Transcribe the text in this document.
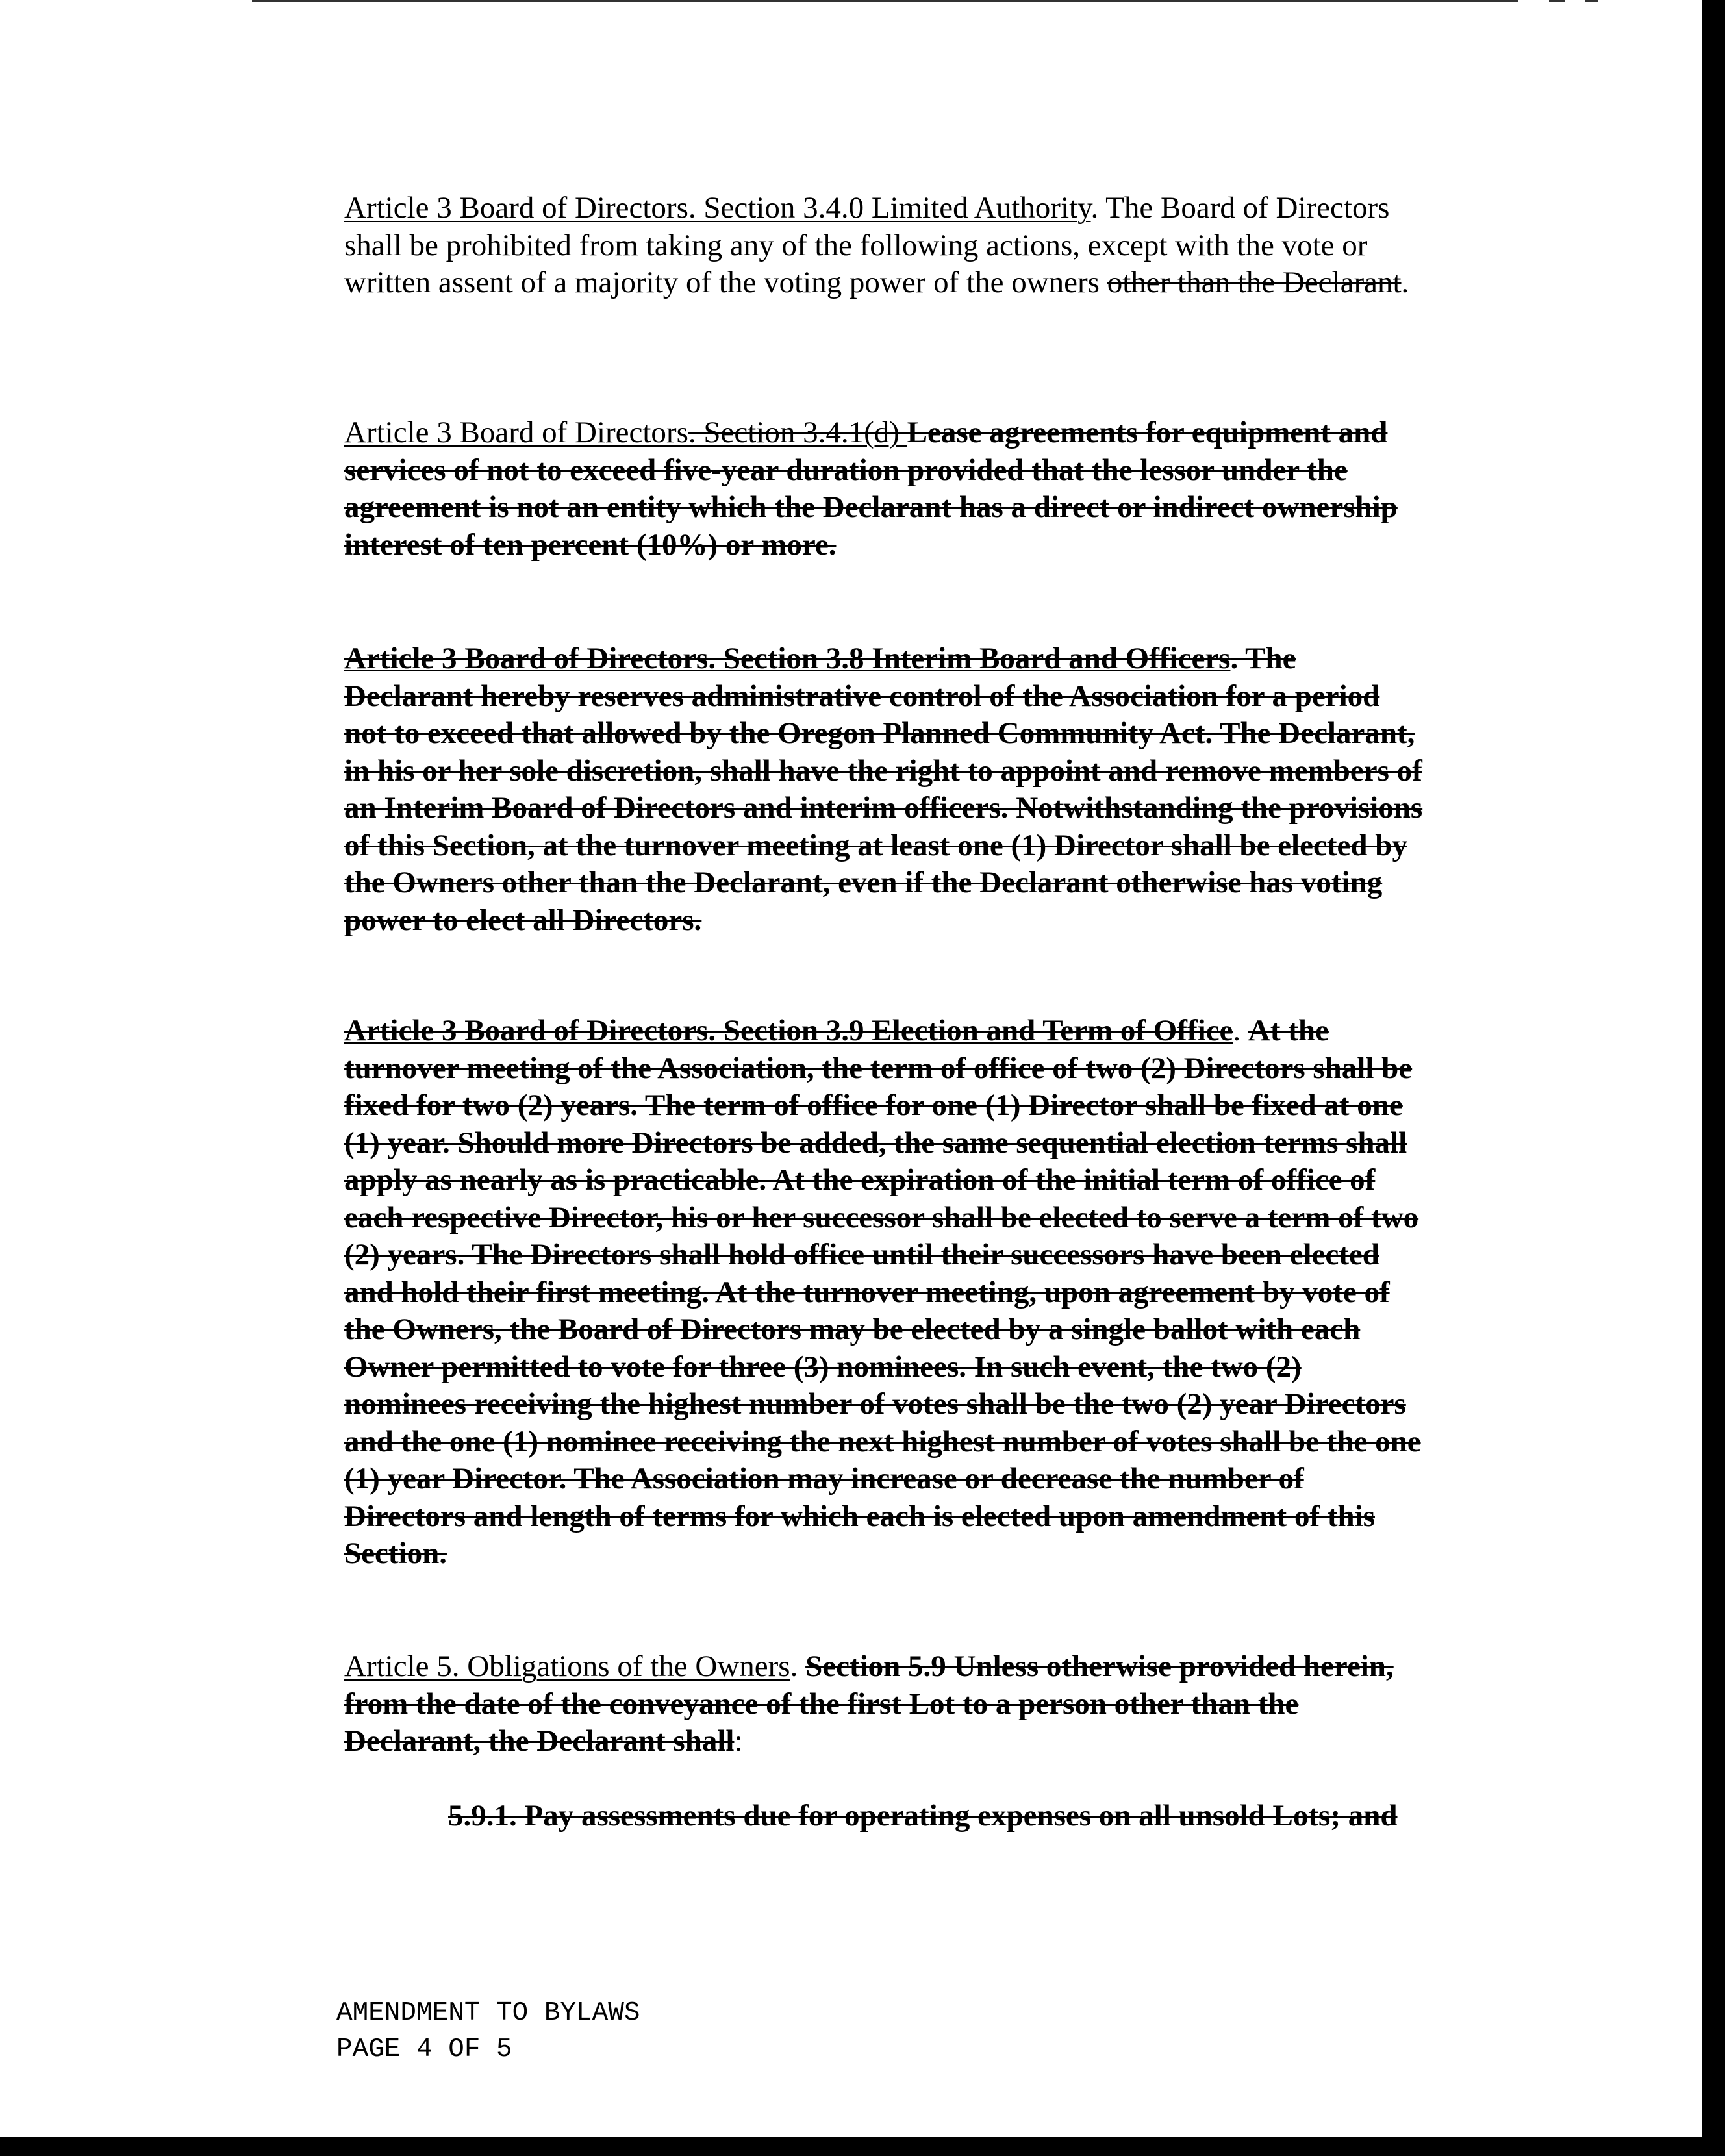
Article 3 Board of Directors. Section 3.4.0 Limited Authority. The Board of Directors shall be prohibited from taking any of the following actions, except with the vote or written assent of a majority of the voting power of the owners other than the Declarant.
Article 3 Board of Directors. Section 3.4.1(d) Lease agreements for equipment and services of not to exceed five-year duration provided that the lessor under the agreement is not an entity which the Declarant has a direct or indirect ownership interest of ten percent (10%) or more.
Article 3 Board of Directors. Section 3.8 Interim Board and Officers. The Declarant hereby reserves administrative control of the Association for a period not to exceed that allowed by the Oregon Planned Community Act. The Declarant, in his or her sole discretion, shall have the right to appoint and remove members of an Interim Board of Directors and interim officers. Notwithstanding the provisions of this Section, at the turnover meeting at least one (1) Director shall be elected by the Owners other than the Declarant, even if the Declarant otherwise has voting power to elect all Directors.
Article 3 Board of Directors. Section 3.9 Election and Term of Office. At the turnover meeting of the Association, the term of office of two (2) Directors shall be fixed for two (2) years. The term of office for one (1) Director shall be fixed at one (1) year. Should more Directors be added, the same sequential election terms shall apply as nearly as is practicable. At the expiration of the initial term of office of each respective Director, his or her successor shall be elected to serve a term of two (2) years. The Directors shall hold office until their successors have been elected and hold their first meeting. At the turnover meeting, upon agreement by vote of the Owners, the Board of Directors may be elected by a single ballot with each Owner permitted to vote for three (3) nominees. In such event, the two (2) nominees receiving the highest number of votes shall be the two (2) year Directors and the one (1) nominee receiving the next highest number of votes shall be the one (1) year Director. The Association may increase or decrease the number of Directors and length of terms for which each is elected upon amendment of this Section.
Article 5. Obligations of the Owners. Section 5.9 Unless otherwise provided herein, from the date of the conveyance of the first Lot to a person other than the Declarant, the Declarant shall:
5.9.1. Pay assessments due for operating expenses on all unsold Lots; and
AMENDMENT TO BYLAWS
PAGE 4 OF 5
